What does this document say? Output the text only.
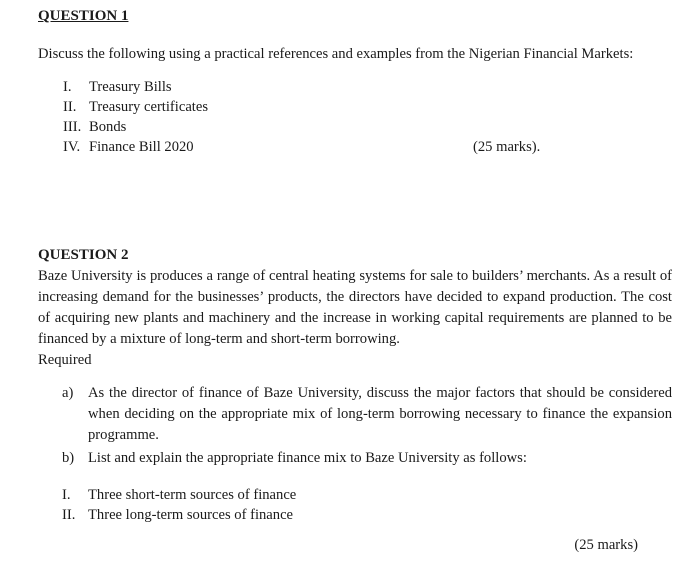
QUESTION 1

Discuss the following using a practical references and examples from the Nigerian Financial Markets:

I.	Treasury Bills
II. Treasury certificates
III. Bonds
IV. Finance Bill 2020	(25 marks).
QUESTION 2

Baze University is produces a range of central heating systems for sale to builders’ merchants. As a result of increasing demand for the businesses’ products, the directors have decided to expand production. The cost of acquiring new plants and machinery and the increase in working capital requirements are planned to be financed by a mixture of long-term and short-term borrowing.

Required

a)	As the director of finance of Baze University, discuss the major factors that should be considered when deciding on the appropriate mix of long-term borrowing necessary to finance the expansion programme.
b) List and explain the appropriate finance mix to Baze University as follows:
I.	Three short-term sources of finance
II. Three long-term sources of finance
(25 marks)
